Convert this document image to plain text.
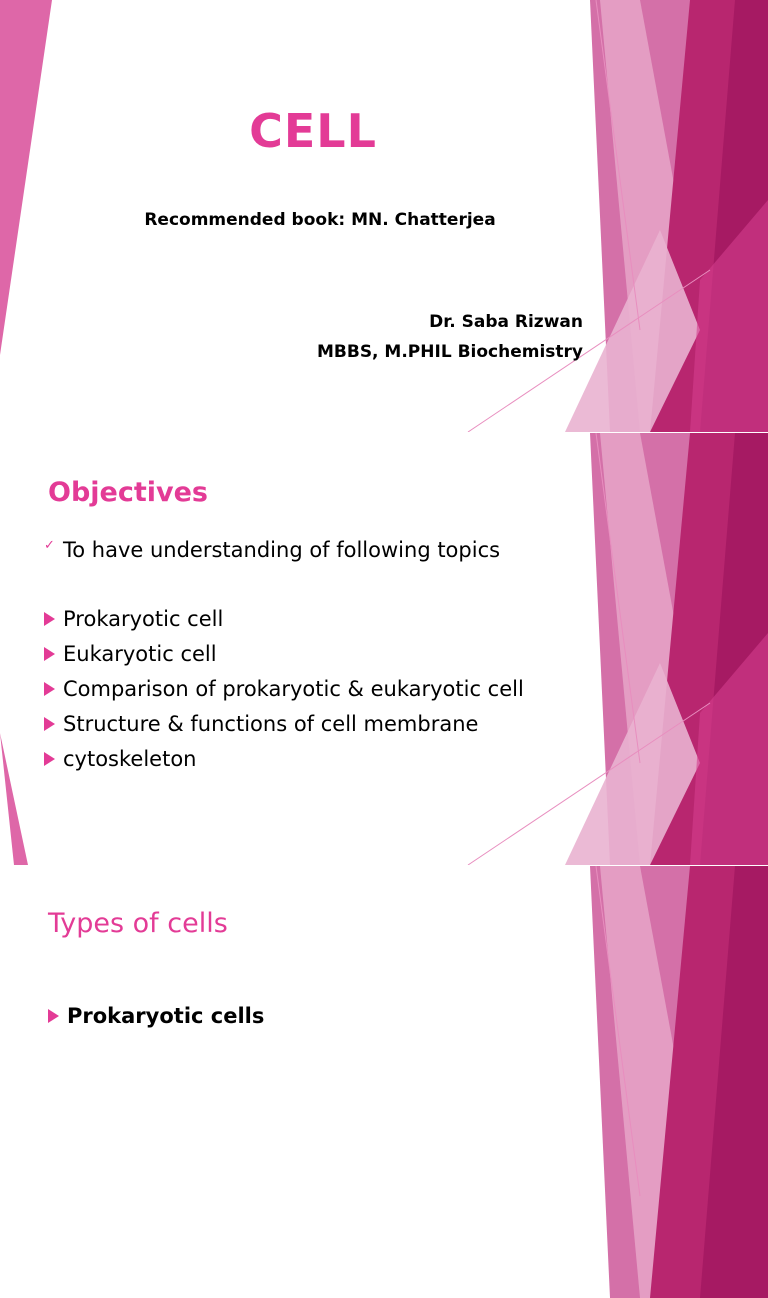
CELL

Recommended book: MN. Chatterjea

Dr. Saba Rizwan

MBBS, M.PHIL Biochemistry

Objectives
✓ To have understanding of following topics
Prokaryotic cell
Eukaryotic cell
Comparison of prokaryotic & eukaryotic cell
Structure & functions of cell membrane
cytoskeleton
Types of cells
Prokaryotic cells
